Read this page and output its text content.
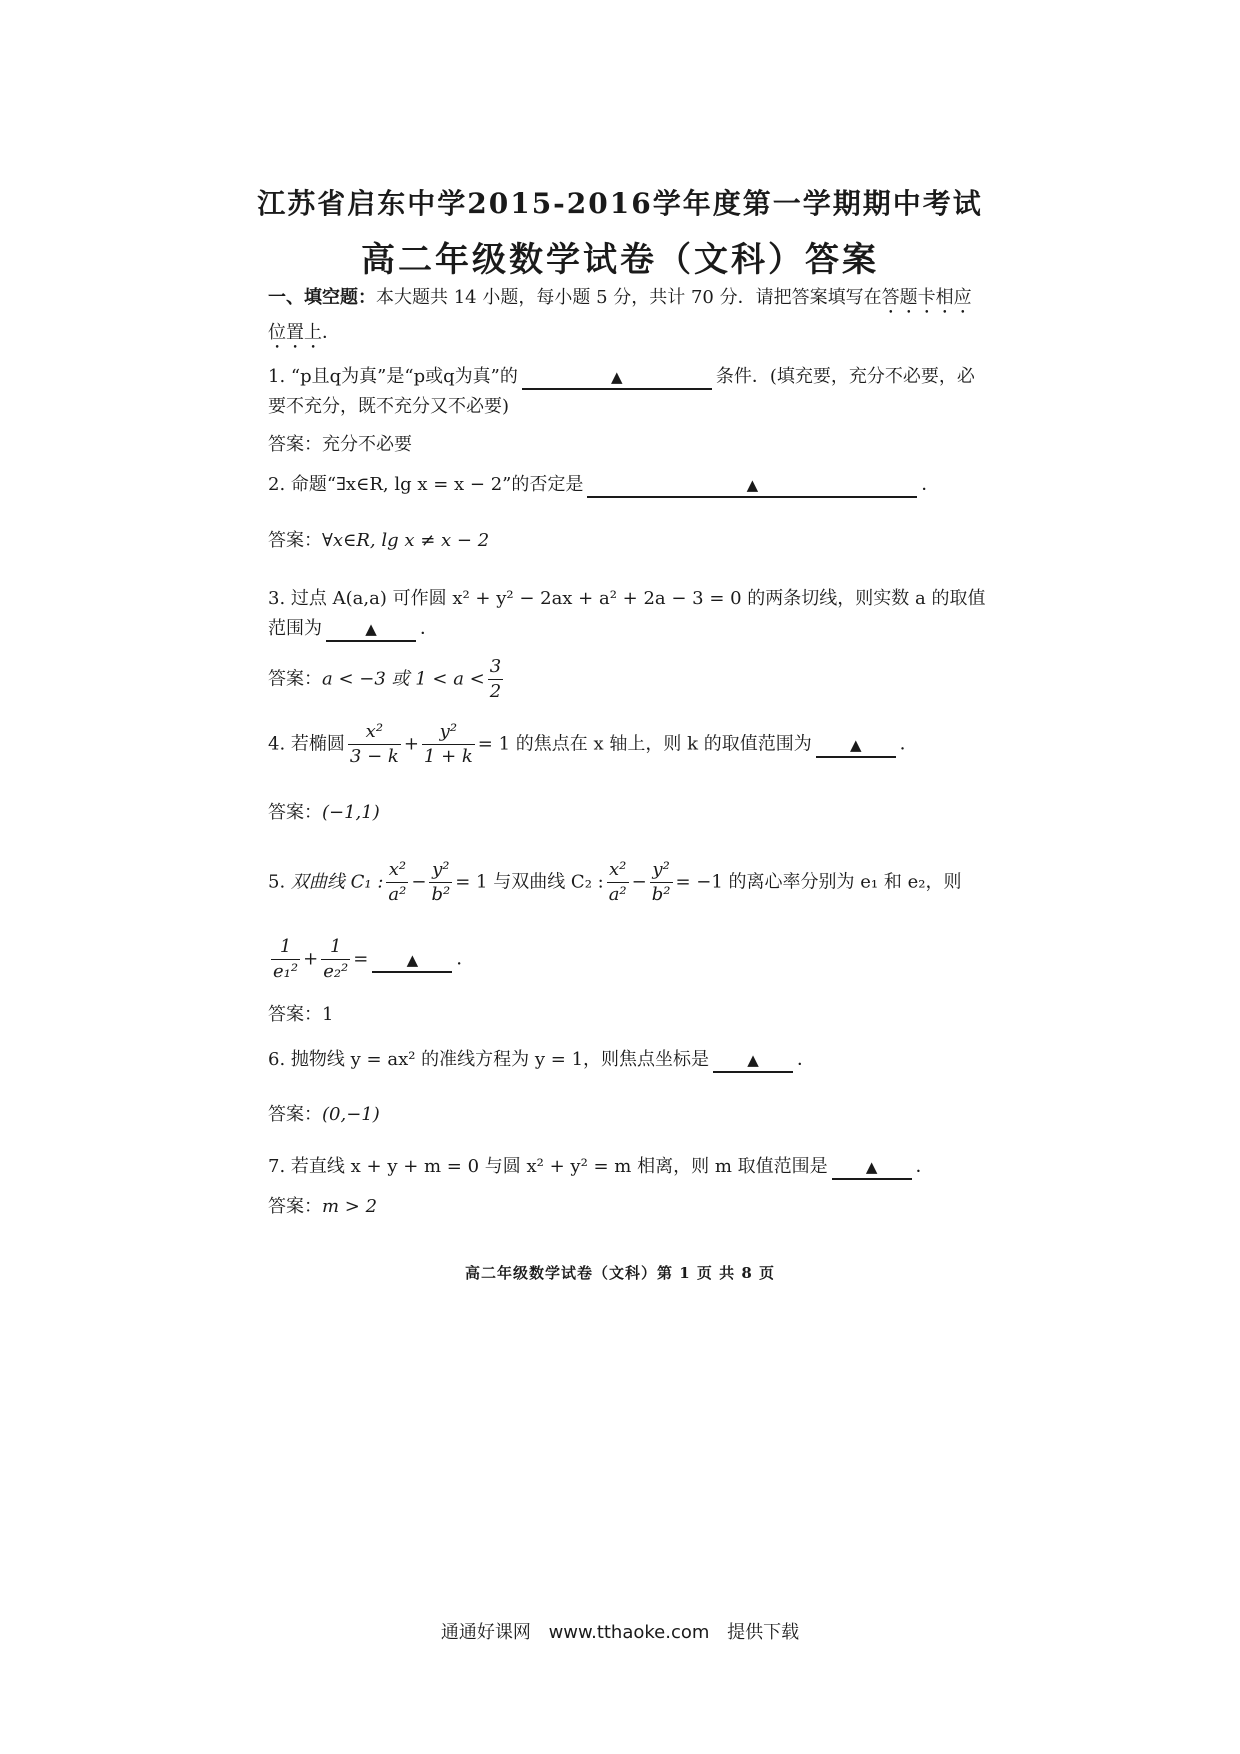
江苏省启东中学2015-2016学年度第一学期期中考试
高二年级数学试卷（文科）答案
一、填空题：本大题共 14 小题，每小题 5 分，共计 70 分．请把答案填写在答题卡相应位置上．
1. “p且q为真”是“p或q为真”的	▲	条件．(填充要，充分不必要，必要不充分，既不充分又不必要)
答案：充分不必要
2. 命题“∃x∈R, lg x = x − 2”的否定是	▲	．
答案：∀x∈R, lg x ≠ x − 2
3. 过点 A(a,a) 可作圆 x² + y² − 2ax + a² + 2a − 3 = 0 的两条切线，则实数 a 的取值范围为	▲ ．
答案：a < −3 或 $1 < a < \frac{3}{2}$
4. 若椭圆 $\frac{\text{x²}}{3 - k} + \frac{\text{y²}}{1 + k} = 1$ 的焦点在 x 轴上，则 k 的取值范围为	▲ ．
答案：(−1,1)
5. 双曲线 C₁ : $\frac{\text{x²}}{\text{a²}} - \frac{\text{y²}}{\text{b²}} = 1$ 与双曲线 C₂ : $\frac{\text{x²}}{\text{a²}} - \frac{\text{y²}}{\text{b²}} = -1$ 的离心率分别为 e₁ 和 e₂，则
$\frac{1}{\text{e₁²}} + \frac{1}{\text{e₂²}}$ =	▲ ．
答案：1
6. 抛物线 y = ax² 的准线方程为 y = 1，则焦点坐标是	▲ ．
答案：(0,−1)
7. 若直线 x + y + m = 0 与圆 x² + y² = m 相离，则 m 取值范围是	▲ ．
答案：m > 2
高二年级数学试卷（文科）第 1 页 共 8 页
通通好课网 www.tthaoke.com 提供下载
